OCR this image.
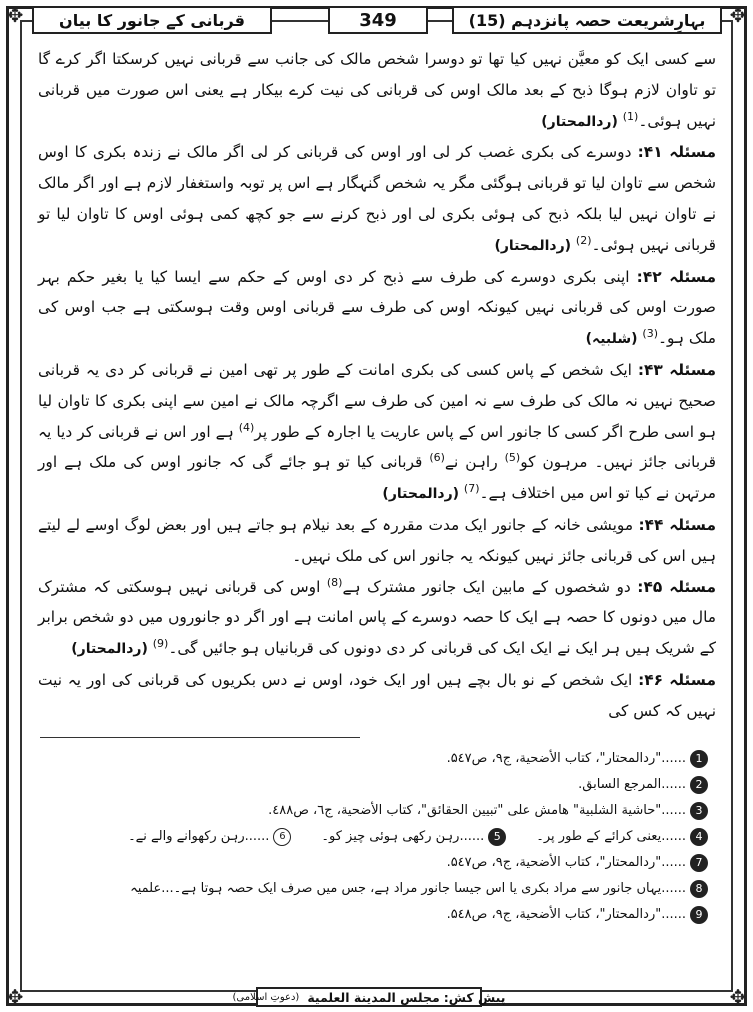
✥	✥
✥	✥
بہارِشریعت حصہ پانزدہم (15)
349
قربانی کے جانور کا بیان

سے کسی ایک کو معیَّن نہیں کیا تھا تو دوسرا شخص مالک کی جانب سے قربانی نہیں کرسکتا اگر کرے گا تو تاوان لازم ہوگا ذبح کے بعد مالک اوس کی قربانی کی نیت کرے بیکار ہے یعنی اس صورت میں قربانی نہیں ہوئی۔$^{(1)}$ (ردالمحتار)

مسئلہ ۴۱: دوسرے کی بکری غصب کر لی اور اوس کی قربانی کر لی اگر مالک نے زندہ بکری کا اوس شخص سے تاوان لیا تو قربانی ہوگئی مگر یہ شخص گنہگار ہے اس پر توبہ واستغفار لازم ہے اور اگر مالک نے تاوان نہیں لیا بلکہ ذبح کی ہوئی بکری لی اور ذبح کرنے سے جو کچھ کمی ہوئی اوس کا تاوان لیا تو قربانی نہیں ہوئی۔$^{(2)}$ (ردالمحتار)

مسئلہ ۴۲: اپنی بکری دوسرے کی طرف سے ذبح کر دی اوس کے حکم سے ایسا کیا یا بغیر حکم بہر صورت اوس کی قربانی نہیں کیونکہ اوس کی طرف سے قربانی اوس وقت ہوسکتی ہے جب اوس کی ملک ہو۔$^{(3)}$ (شلبیہ)

مسئلہ ۴۳: ایک شخص کے پاس کسی کی بکری امانت کے طور پر تھی امین نے قربانی کر دی یہ قربانی صحیح نہیں نہ مالک کی طرف سے نہ امین کی طرف سے اگرچہ مالک نے امین سے اپنی بکری کا تاوان لیا ہو اسی طرح اگر کسی کا جانور اس کے پاس عاریت یا اجارہ کے طور پر$^{(4)}$ ہے اور اس نے قربانی کر دیا یہ قربانی جائز نہیں۔ مرہون کو$^{(5)}$ راہن نے$^{(6)}$ قربانی کیا تو ہو جائے گی کہ جانور اوس کی ملک ہے اور مرتہن نے کیا تو اس میں اختلاف ہے۔$^{(7)}$ (ردالمحتار)

مسئلہ ۴۴: مویشی خانہ کے جانور ایک مدت مقررہ کے بعد نیلام ہو جاتے ہیں اور بعض لوگ اوسے لے لیتے ہیں اس کی قربانی جائز نہیں کیونکہ یہ جانور اس کی ملک نہیں۔

مسئلہ ۴۵: دو شخصوں کے مابین ایک جانور مشترک ہے$^{(8)}$ اوس کی قربانی نہیں ہوسکتی کہ مشترک مال میں دونوں کا حصہ ہے ایک کا حصہ دوسرے کے پاس امانت ہے اور اگر دو جانوروں میں دو شخص برابر کے شریک ہیں ہر ایک نے ایک ایک کی قربانی کر دی دونوں کی قربانیاں ہو جائیں گی۔$^{(9)}$ (ردالمحتار)

مسئلہ ۴۶: ایک شخص کے نو بال بچے ہیں اور ایک خود، اوس نے دس بکریوں کی قربانی کی اور یہ نیت نہیں کہ کس کی

1......"ردالمحتار"، کتاب الأضحیة، ج۹، ص۵٤۷.
2......المرجع السابق.
3......"حاشیة الشلبیة" ھامش علی "تبیین الحقائق"، کتاب الأضحیة، ج٦، ص٤٨٨.
4......یعنی کرائے کے طور پر۔5......رہن رکھی ہوئی چیز کو۔6......رہن رکھوانے والے نے۔
7......"ردالمحتار"، کتاب الأضحیة، ج۹، ص۵٤۷.
8......یہاں جانور سے مراد بکری یا اس جیسا جانور مراد ہے، جس میں صرف ایک حصہ ہوتا ہے۔...علمیہ
9......"ردالمحتار"، کتاب الأضحیة، ج۹، ص۵٤۸.
پیش کش:
مجلس المدینة العلمیة
(دعوتِ اسلامی)
